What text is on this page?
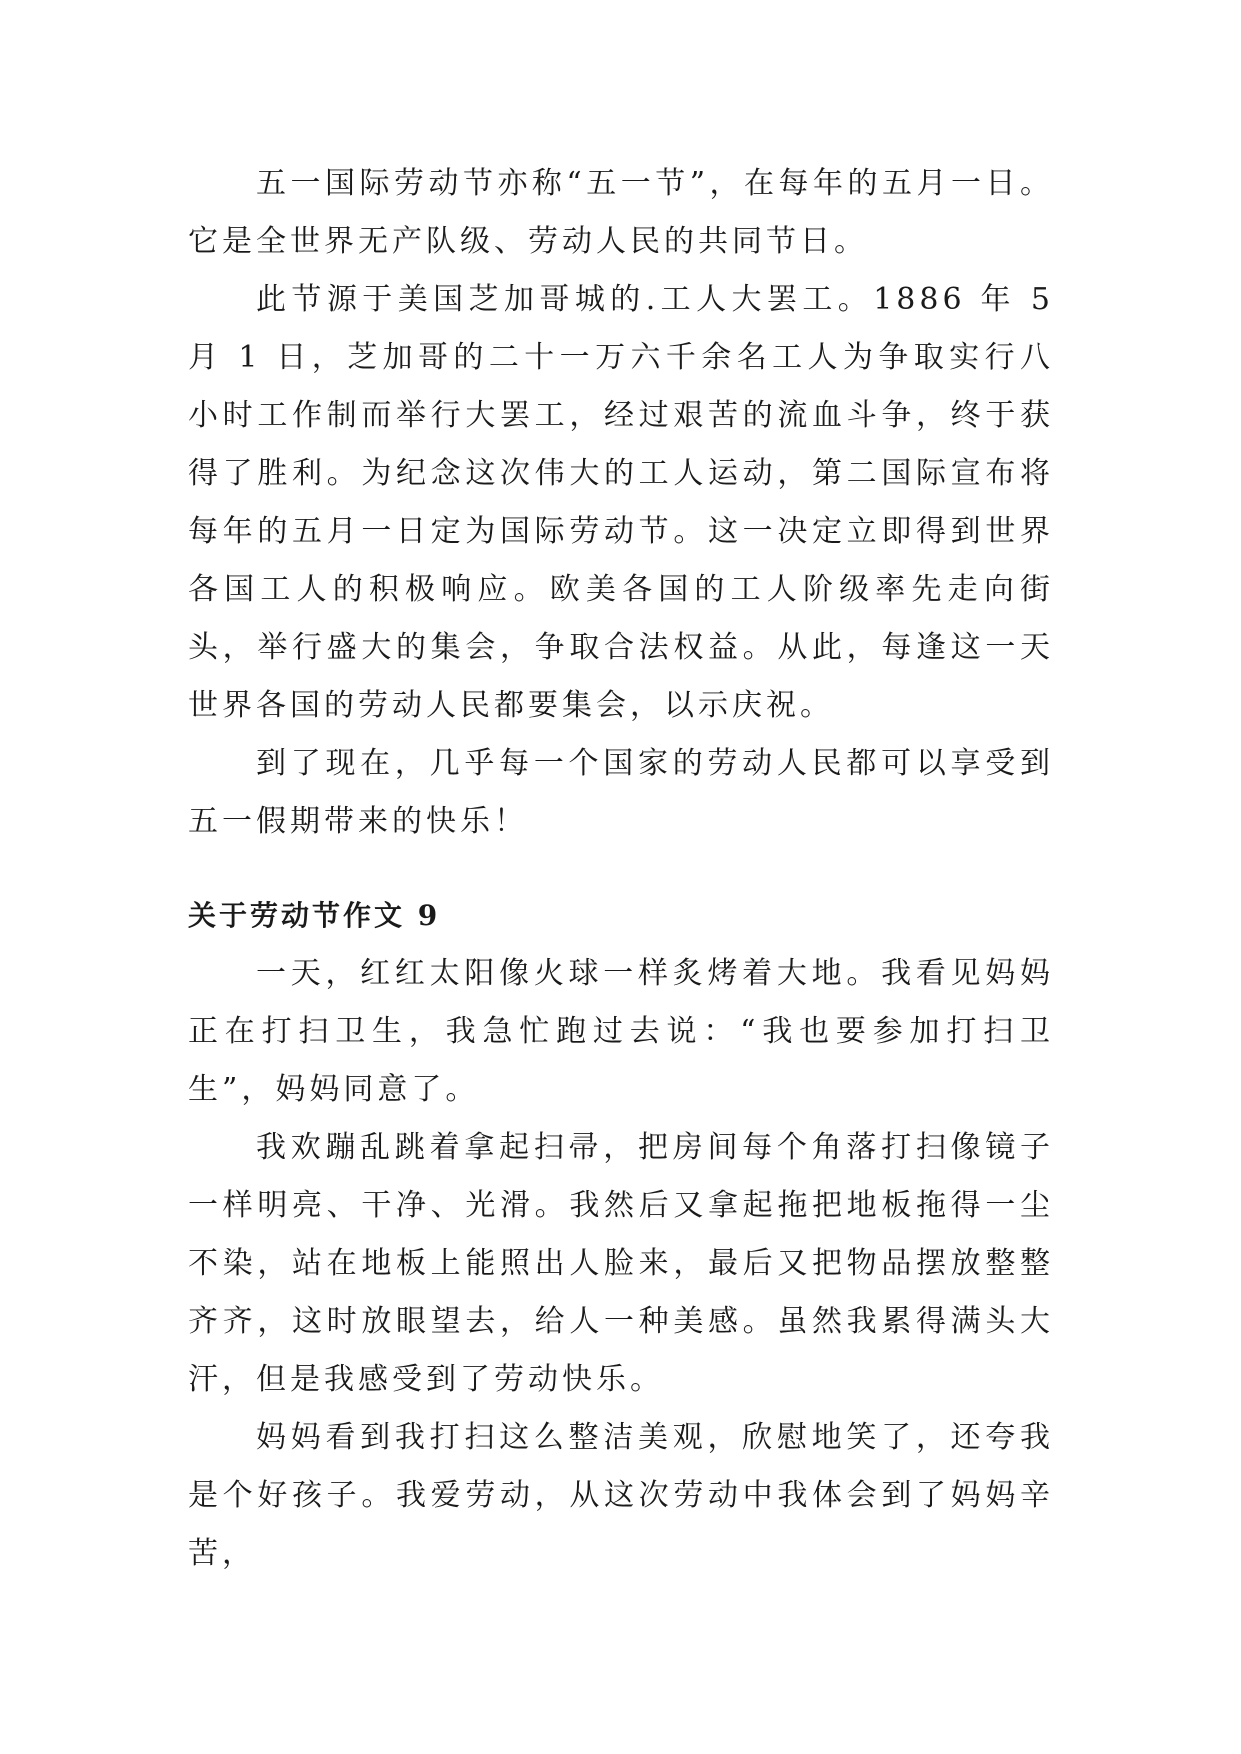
五一国际劳动节亦称“五一节”，在每年的五月一日。它是全世界无产队级、劳动人民的共同节日。

此节源于美国芝加哥城的.工人大罢工。1886 年 5 月 1 日，芝加哥的二十一万六千余名工人为争取实行八小时工作制而举行大罢工，经过艰苦的流血斗争，终于获得了胜利。为纪念这次伟大的工人运动，第二国际宣布将每年的五月一日定为国际劳动节。这一决定立即得到世界各国工人的积极响应。欧美各国的工人阶级率先走向街头，举行盛大的集会，争取合法权益。从此，每逢这一天世界各国的劳动人民都要集会，以示庆祝。

到了现在，几乎每一个国家的劳动人民都可以享受到五一假期带来的快乐！

关于劳动节作文 9

一天，红红太阳像火球一样炙烤着大地。我看见妈妈正在打扫卫生，我急忙跑过去说：“我也要参加打扫卫生”，妈妈同意了。

我欢蹦乱跳着拿起扫帚，把房间每个角落打扫像镜子一样明亮、干净、光滑。我然后又拿起拖把地板拖得一尘不染，站在地板上能照出人脸来，最后又把物品摆放整整齐齐，这时放眼望去，给人一种美感。虽然我累得满头大汗，但是我感受到了劳动快乐。

妈妈看到我打扫这么整洁美观，欣慰地笑了，还夸我是个好孩子。我爱劳动，从这次劳动中我体会到了妈妈辛苦，
